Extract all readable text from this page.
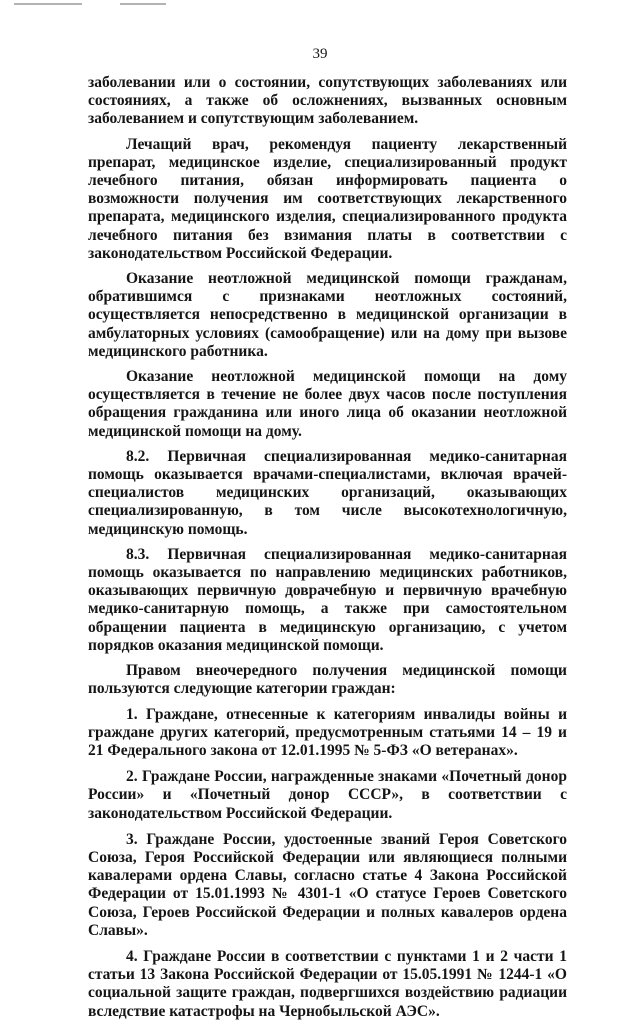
39

заболевании или о состоянии, сопутствующих заболеваниях или состояниях, а также об осложнениях, вызванных основным заболеванием и сопутствующим заболеванием.

Лечащий врач, рекомендуя пациенту лекарственный препарат, медицинское изделие, специализированный продукт лечебного питания, обязан информировать пациента о возможности получения им соответствующих лекарственного препарата, медицинского изделия, специализированного продукта лечебного питания без взимания платы в соответствии с законодательством Российской Федерации.

Оказание неотложной медицинской помощи гражданам, обратившимся с признаками неотложных состояний, осуществляется непосредственно в медицинской организации в амбулаторных условиях (самообращение) или на дому при вызове медицинского работника.

Оказание неотложной медицинской помощи на дому осуществляется в течение не более двух часов после поступления обращения гражданина или иного лица об оказании неотложной медицинской помощи на дому.

8.2. Первичная специализированная медико-санитарная помощь оказывается врачами-специалистами, включая врачей-специалистов медицинских организаций, оказывающих специализированную, в том числе высокотехнологичную, медицинскую помощь.

8.3. Первичная специализированная медико-санитарная помощь оказывается по направлению медицинских работников, оказывающих первичную доврачебную и первичную врачебную медико-санитарную помощь, а также при самостоятельном обращении пациента в медицинскую организацию, с учетом порядков оказания медицинской помощи.

Правом внеочередного получения медицинской помощи пользуются следующие категории граждан:

1. Граждане, отнесенные к категориям инвалиды войны и граждане других категорий, предусмотренным статьями 14 – 19 и 21 Федерального закона от 12.01.1995 № 5-ФЗ «О ветеранах».

2. Граждане России, награжденные знаками «Почетный донор России» и «Почетный донор СССР», в соответствии с законодательством Российской Федерации.

3. Граждане России, удостоенные званий Героя Советского Союза, Героя Российской Федерации или являющиеся полными кавалерами ордена Славы, согласно статье 4 Закона Российской Федерации от 15.01.1993 № 4301-1 «О статусе Героев Советского Союза, Героев Российской Федерации и полных кавалеров ордена Славы».

4. Граждане России в соответствии с пунктами 1 и 2 части 1 статьи 13 Закона Российской Федерации от 15.05.1991 № 1244-1 «О социальной защите граждан, подвергшихся воздействию радиации вследствие катастрофы на Чернобыльской АЭС».
